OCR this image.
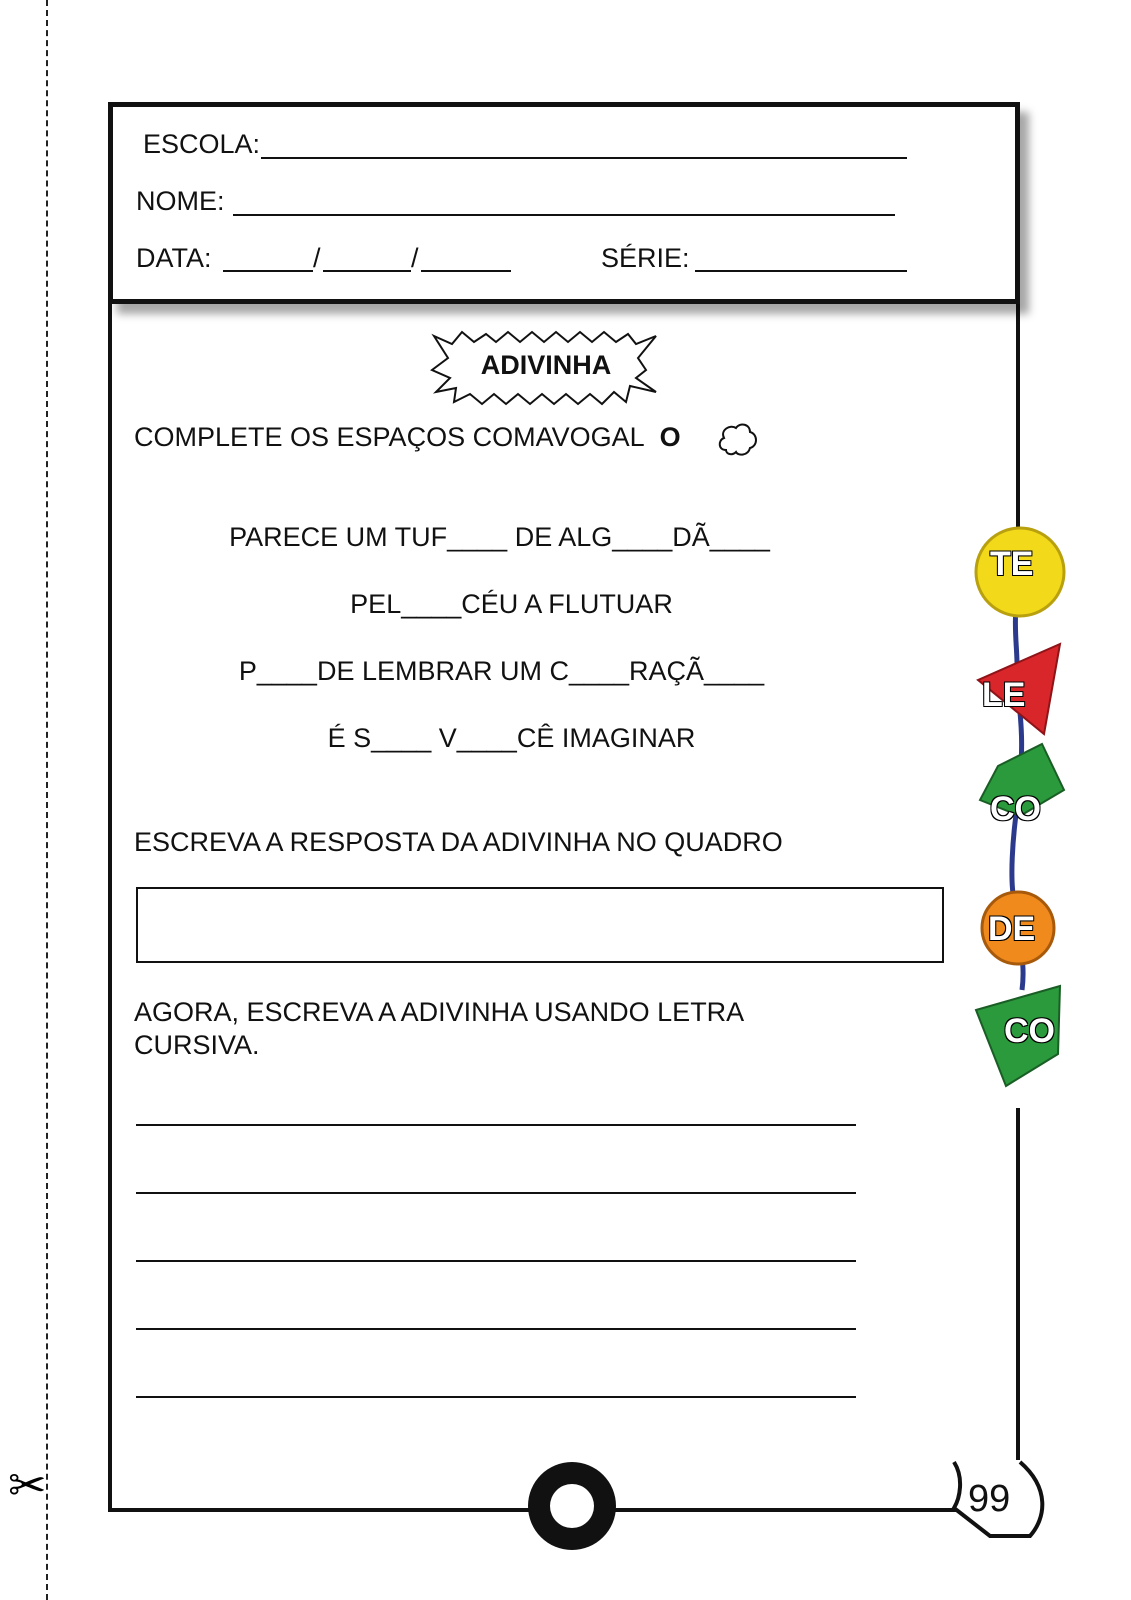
✂
ESCOLA:
NOME:
DATA:	/	/	SÉRIE:
ADIVINHA
COMPLETE OS ESPAÇOS COMAVOGAL O
PARECE UM TUF____ DE ALG____DÃ____
PEL____CÉU A FLUTUAR
P____DE LEMBRAR UM C____RAÇÃ____
É S____ V____CÊ IMAGINAR
ESCREVA A RESPOSTA DA ADIVINHA NO QUADRO
AGORA, ESCREVA A ADIVINHA USANDO LETRA
CURSIVA.
TE
LE
CO
DE
CO
99
